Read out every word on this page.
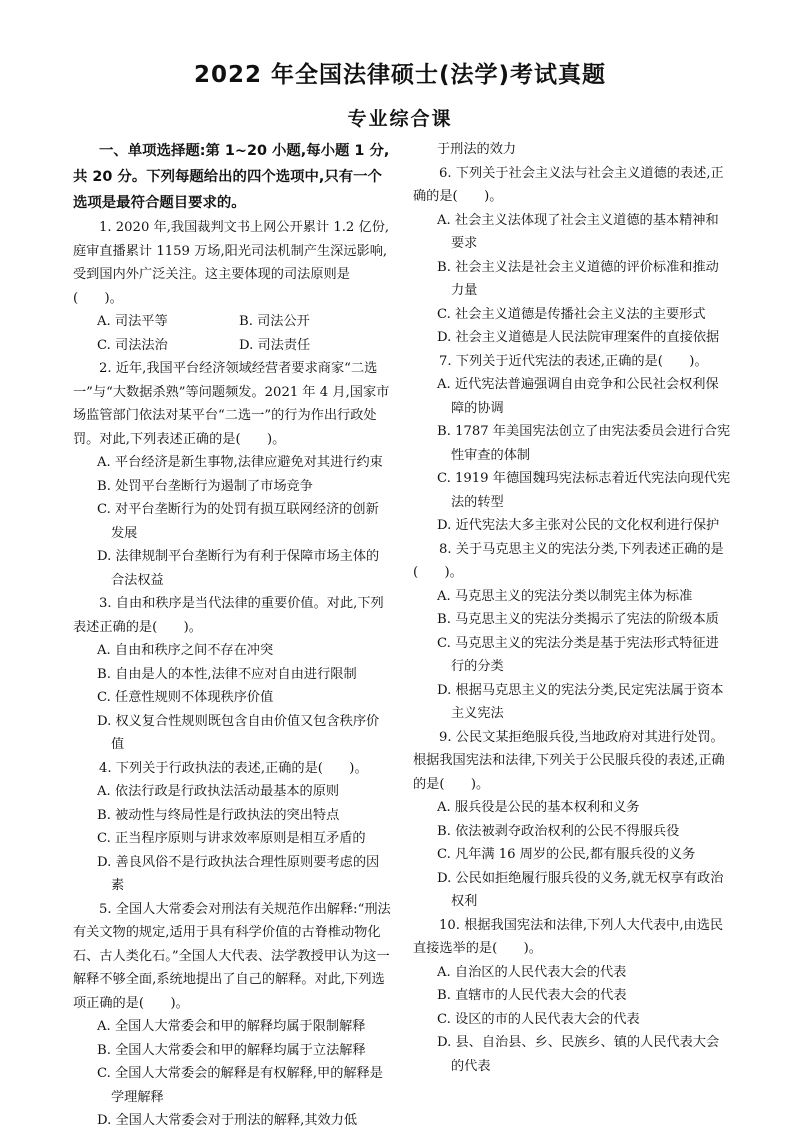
2022 年全国法律硕士(法学)考试真题
专业综合课

一、单项选择题:第 1~20 小题,每小题 1 分,共 20 分。下列每题给出的四个选项中,只有一个选项是最符合题目要求的。

1. 2020 年,我国裁判文书上网公开累计 1.2 亿份,庭审直播累计 1159 万场,阳光司法机制产生深远影响,受到国内外广泛关注。这主要体现的司法原则是(　　)。

A. 司法平等	B. 司法公开
C. 司法法治	D. 司法责任

2. 近年,我国平台经济领域经营者要求商家“二选一”与“大数据杀熟”等问题频发。2021 年 4 月,国家市场监管部门依法对某平台“二选一”的行为作出行政处罚。对此,下列表述正确的是(　　)。

A. 平台经济是新生事物,法律应避免对其进行约束

B. 处罚平台垄断行为遏制了市场竞争

C. 对平台垄断行为的处罚有损互联网经济的创新发展

D. 法律规制平台垄断行为有利于保障市场主体的合法权益

3. 自由和秩序是当代法律的重要价值。对此,下列表述正确的是(　　)。

A. 自由和秩序之间不存在冲突

B. 自由是人的本性,法律不应对自由进行限制

C. 任意性规则不体现秩序价值

D. 权义复合性规则既包含自由价值又包含秩序价值

4. 下列关于行政执法的表述,正确的是(　　)。

A. 依法行政是行政执法活动最基本的原则

B. 被动性与终局性是行政执法的突出特点

C. 正当程序原则与讲求效率原则是相互矛盾的

D. 善良风俗不是行政执法合理性原则要考虑的因素

5. 全国人大常委会对刑法有关规范作出解释:“刑法有关文物的规定,适用于具有科学价值的古脊椎动物化石、古人类化石。”全国人大代表、法学教授甲认为这一解释不够全面,系统地提出了自己的解释。对此,下列选项正确的是(　　)。

A. 全国人大常委会和甲的解释均属于限制解释

B. 全国人大常委会和甲的解释均属于立法解释

C. 全国人大常委会的解释是有权解释,甲的解释是学理解释

D. 全国人大常委会对于刑法的解释,其效力低

于刑法的效力

6. 下列关于社会主义法与社会主义道德的表述,正确的是(　　)。

A. 社会主义法体现了社会主义道德的基本精神和要求

B. 社会主义法是社会主义道德的评价标准和推动力量

C. 社会主义道德是传播社会主义法的主要形式

D. 社会主义道德是人民法院审理案件的直接依据

7. 下列关于近代宪法的表述,正确的是(　　)。

A. 近代宪法普遍强调自由竞争和公民社会权利保障的协调

B. 1787 年美国宪法创立了由宪法委员会进行合宪性审查的体制

C. 1919 年德国魏玛宪法标志着近代宪法向现代宪法的转型

D. 近代宪法大多主张对公民的文化权利进行保护

8. 关于马克思主义的宪法分类,下列表述正确的是(　　)。

A. 马克思主义的宪法分类以制宪主体为标准

B. 马克思主义的宪法分类揭示了宪法的阶级本质

C. 马克思主义的宪法分类是基于宪法形式特征进行的分类

D. 根据马克思主义的宪法分类,民定宪法属于资本主义宪法

9. 公民文某拒绝服兵役,当地政府对其进行处罚。根据我国宪法和法律,下列关于公民服兵役的表述,正确的是(　　)。

A. 服兵役是公民的基本权利和义务

B. 依法被剥夺政治权利的公民不得服兵役

C. 凡年满 16 周岁的公民,都有服兵役的义务

D. 公民如拒绝履行服兵役的义务,就无权享有政治权利

10. 根据我国宪法和法律,下列人大代表中,由选民直接选举的是(　　)。

A. 自治区的人民代表大会的代表

B. 直辖市的人民代表大会的代表

C. 设区的市的人民代表大会的代表

D. 县、自治县、乡、民族乡、镇的人民代表大会的代表
